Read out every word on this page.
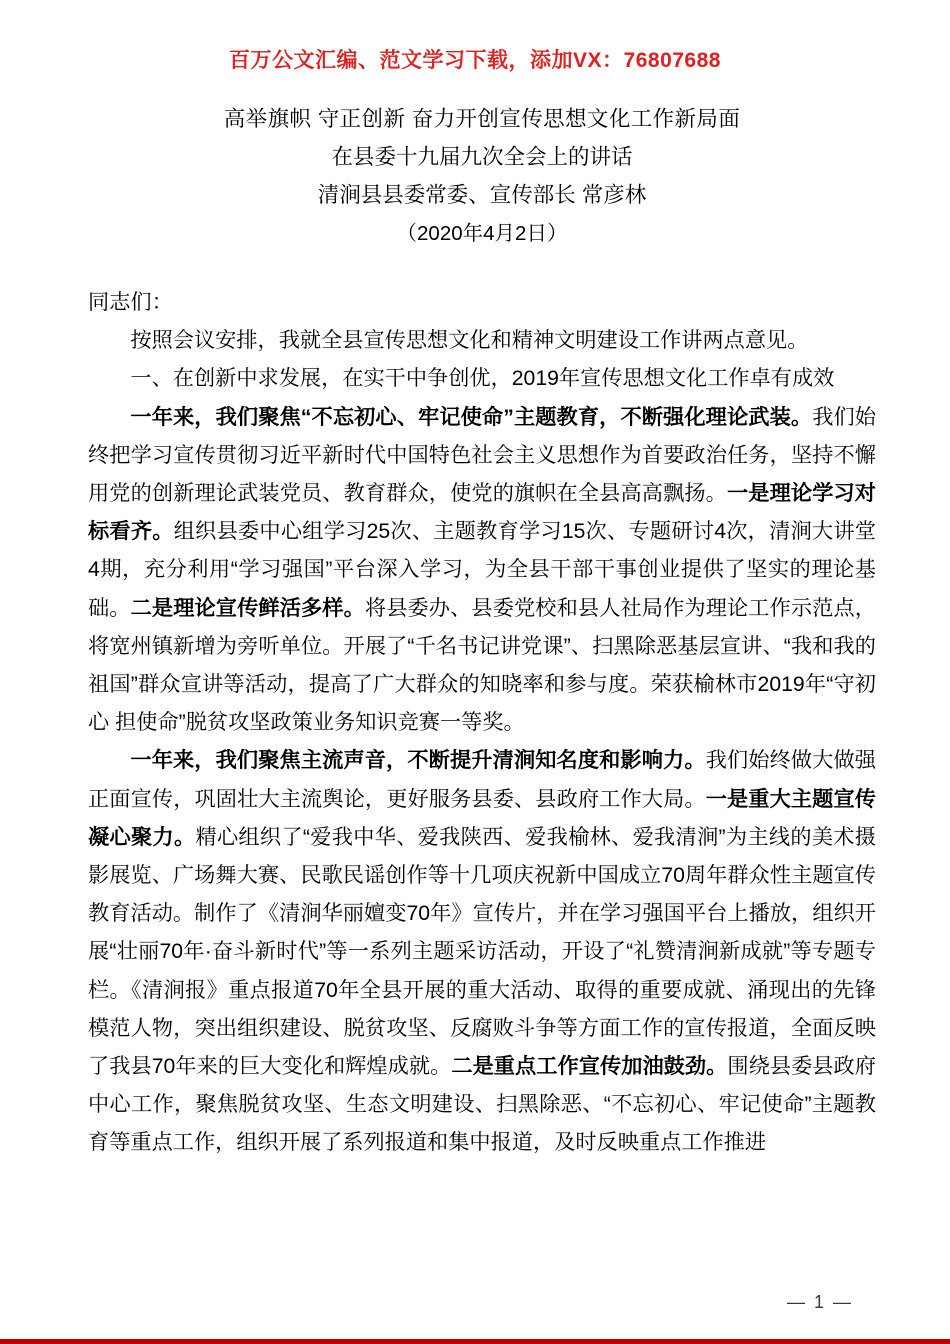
百万公文汇编、范文学习下载，添加VX：76807688
高举旗帜 守正创新 奋力开创宣传思想文化工作新局面
在县委十九届九次全会上的讲话
清涧县县委常委、宣传部长 常彦林
（2020年4月2日）

同志们：

按照会议安排，我就全县宣传思想文化和精神文明建设工作讲两点意见。

一、在创新中求发展，在实干中争创优，2019年宣传思想文化工作卓有成效

一年来，我们聚焦“不忘初心、牢记使命”主题教育，不断强化理论武装。我们始终把学习宣传贯彻习近平新时代中国特色社会主义思想作为首要政治任务，坚持不懈用党的创新理论武装党员、教育群众，使党的旗帜在全县高高飘扬。一是理论学习对标看齐。组织县委中心组学习25次、主题教育学习15次、专题研讨4次，清涧大讲堂4期，充分利用“学习强国”平台深入学习，为全县干部干事创业提供了坚实的理论基础。二是理论宣传鲜活多样。将县委办、县委党校和县人社局作为理论工作示范点，将宽州镇新增为旁听单位。开展了“千名书记讲党课”、扫黑除恶基层宣讲、“我和我的祖国”群众宣讲等活动，提高了广大群众的知晓率和参与度。荣获榆林市2019年“守初心 担使命”脱贫攻坚政策业务知识竞赛一等奖。

一年来，我们聚焦主流声音，不断提升清涧知名度和影响力。我们始终做大做强正面宣传，巩固壮大主流舆论，更好服务县委、县政府工作大局。一是重大主题宣传凝心聚力。精心组织了“爱我中华、爱我陕西、爱我榆林、爱我清涧”为主线的美术摄影展览、广场舞大赛、民歌民谣创作等十几项庆祝新中国成立70周年群众性主题宣传教育活动。制作了《清涧华丽嬗变70年》宣传片，并在学习强国平台上播放，组织开展“壮丽70年·奋斗新时代”等一系列主题采访活动，开设了“礼赞清涧新成就”等专题专栏。《清涧报》重点报道70年全县开展的重大活动、取得的重要成就、涌现出的先锋模范人物，突出组织建设、脱贫攻坚、反腐败斗争等方面工作的宣传报道，全面反映了我县70年来的巨大变化和辉煌成就。二是重点工作宣传加油鼓劲。围绕县委县政府中心工作，聚焦脱贫攻坚、生态文明建设、扫黑除恶、“不忘初心、牢记使命”主题教育等重点工作，组织开展了系列报道和集中报道，及时反映重点工作推进

— 1 —
